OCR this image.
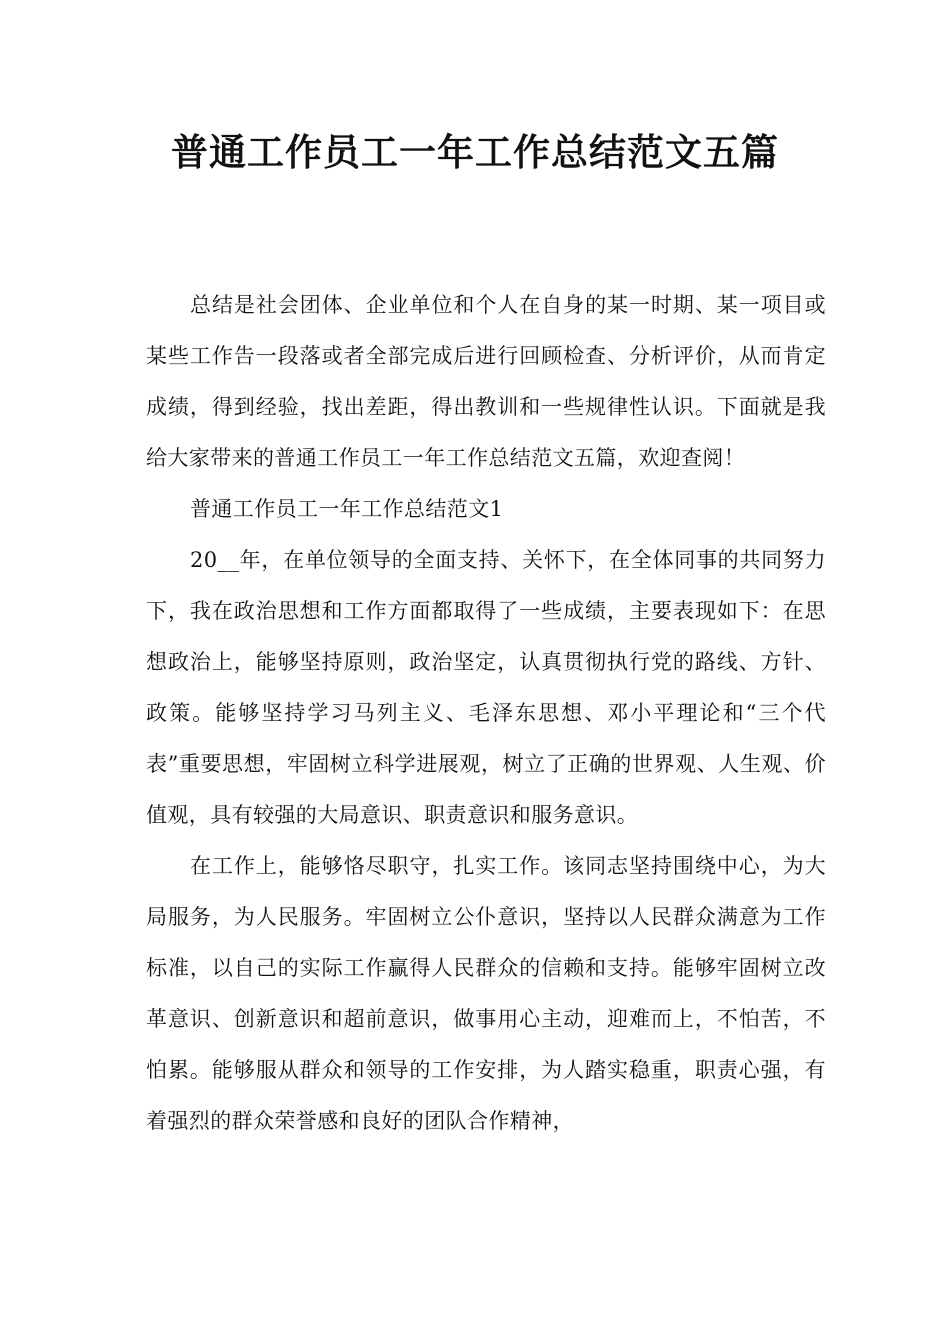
普通工作员工一年工作总结范文五篇

总结是社会团体、企业单位和个人在自身的某一时期、某一项目或某些工作告一段落或者全部完成后进行回顾检查、分析评价，从而肯定成绩，得到经验，找出差距，得出教训和一些规律性认识。下面就是我给大家带来的普通工作员工一年工作总结范文五篇，欢迎查阅！

普通工作员工一年工作总结范文1

20__年，在单位领导的全面支持、关怀下，在全体同事的共同努力下，我在政治思想和工作方面都取得了一些成绩，主要表现如下：在思想政治上，能够坚持原则，政治坚定，认真贯彻执行党的路线、方针、政策。能够坚持学习马列主义、毛泽东思想、邓小平理论和“三个代表”重要思想，牢固树立科学进展观，树立了正确的世界观、人生观、价值观，具有较强的大局意识、职责意识和服务意识。

在工作上，能够恪尽职守，扎实工作。该同志坚持围绕中心，为大局服务，为人民服务。牢固树立公仆意识，坚持以人民群众满意为工作标准，以自己的实际工作赢得人民群众的信赖和支持。能够牢固树立改革意识、创新意识和超前意识，做事用心主动，迎难而上，不怕苦，不怕累。能够服从群众和领导的工作安排，为人踏实稳重，职责心强，有着强烈的群众荣誉感和良好的团队合作精神，
